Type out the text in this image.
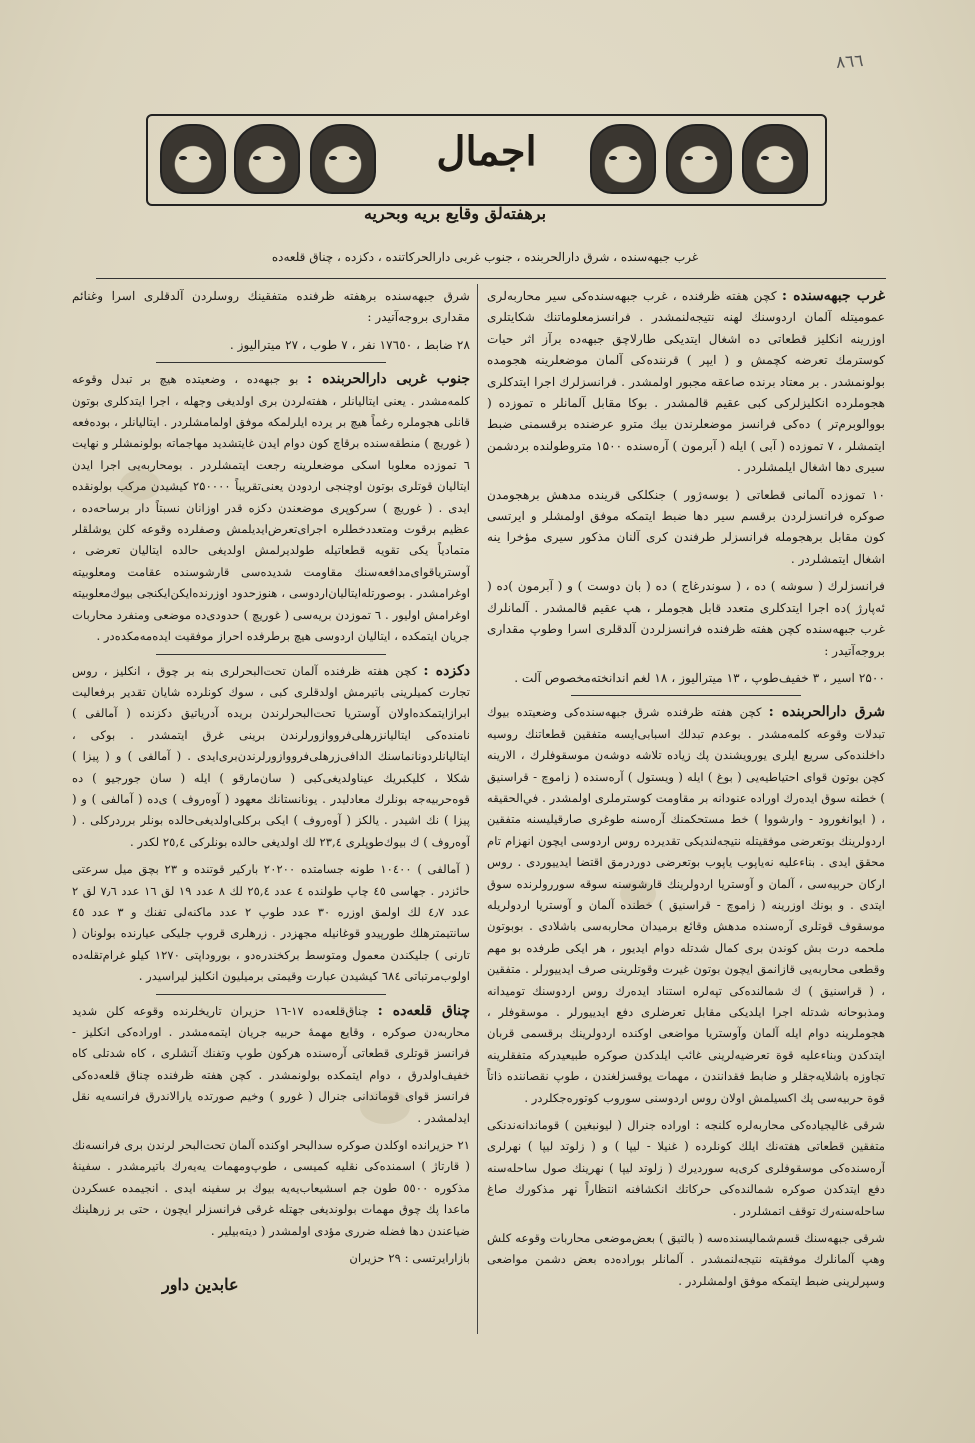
٨٦٦
اجمال
برهفته‌لق وقایع بریه وبحریه
غرب جبهه‌سنده ، شرق دارالحربنده ، جنوب غربی دارالحرکاتنده ، دکزده ، چناق قلعه‌ده

غرب جبهه‌سنده : کچن هفته ظرفنده ، غرب جبهه‌سنده‌کی سیر محاربه‌لری عمومیتله آلمان اردوسنك لهنه نتیجه‌لنمشدر . فرانسزمعلوماتنك شکایتلری اوزرینه انکلیز قطعاتی ده اشغال ایتدیکی طارلاچق جبهه‌ده برآز اثر حیات کوسترمك تعرضه کچمش و ( ایپر ) قرننده‌کی آلمان موضعلرینه هجومده بولونمشدر . بر معتاد برنده صاعقه مجبور اولمشدر . فرانسزلرك اجرا ایتدکلری هجوملرده انکلیزلرکی کبی عقیم قالمشدر . بوکا مقابل آلمانلر ه تموزده ( بووالوبرم‌تر ) ده‌کی فرانسز موضعلرندن بیك مترو عرضنده برقسمنی ضبط ایتمشلر ، ۷ تموزده ( آبی ) ایله ( آبرمون ) آره‌سنده ۱۵۰۰ متروطولنده بردشمن سیری دها اشغال ایلمشلردر .

۱۰ تموزده آلمانی قطعاتی ( بوسه‌ژور ) جنکلکی قرینده مدهش برهجومدن صوکره فرانسزلردن برقسم سیر دها ضبط ایتمکه موفق اولمشلر و ایرتسی کون مقابل برهجومله فرانسزلر طرفندن کری آلنان مذکور سیری مؤخرا ینه اشغال ایتمشلردر .

فرانسزلرك ( سوشه ) ده ، ( سوندرغاج ) ده ( بان دوست ) و ( آبرمون )ده ( ئه‌پارژ )ده اجرا ایتدکلری متعدد قابل هجوملر ، هپ عقیم قالمشدر . آلمانلرك غرب جبهه‌سنده کچن هفته ظرفنده فرانسزلردن آلدقلری اسرا وطوپ مقداری بروجه‌آتیدر :

۲۵۰۰ اسیر ، ۳ خفیف‌طوپ ، ۱۳ میترالیوز ، ۱۸ لغم اندانخته‌مخصوص آلت .

شرق دارالحربنده : کچن هفته ظرفنده شرق جبهه‌سنده‌کی وضعیتده بیوك تبدلات وقوعه کلمه‌مشدر . بوعدم تبدلك اسبابی‌ایسه متفقین قطعاتنك روسیه داخلنده‌کی سریع ایلری یورویشندن پك زیاده تلاشه دوشه‌ن موسقوفلرك ، الارینه کچن بوتون قوای احتیاطیه‌یی ( بوغ ) ایله ( ویستول ) آره‌سنده ( زاموچ - قراسنیق ) خطنه سوق ایده‌رك اوراده عنودانه بر مقاومت کوسترملری اولمشدر . في‌الحقیقه ، ( ایوانغورود - وارشووا ) خط مستحکمنك آره‌سنه طوغری صارقیلیسنه متفقین اردولرینك بوتعرضی موفقیتله نتیجه‌لندیکی تقدیرده روس اردوسی ایچون انهزام تام محقق ایدی . بناءعلیه نه‌یاپوب یاپوب بوتعرضی دوردرمق اقتضا ایدییوردی . روس ارکان حربیه‌سی ، آلمان و آوستریا اردولرینك قارشوسنه سوقه سوررولرنده سوق ایتدی . و بونك اوزرینه ( زاموچ - قراسنیق ) خطنده آلمان و آوستریا اردولریله موسقوف قوتلری آره‌سنده مدهش وقائع برمیدان محاربه‌سی باشلادی . بوبوتون ملحمه درت بش کوندن بری کمال شدتله دوام ایدیور ، هر ایکی طرفده بو مهم وقطعی محاربه‌یی قازانمق ایچون بوتون غیرت وقوتلرینی صرف ایدییورلر . متفقین ، ( قراسنیق ) ك شمالنده‌کی تپه‌لره استناد ایده‌رك روس اردوسنك تومیدانه ومذبوحانه شدتله اجرا ایلدیکی مقابل تعرضلری دفع ایدییورلر . موسقوفلر ، هجوملرینه دوام ایله آلمان وآوستریا مواضعی اوکنده اردولرینك برقسمی قربان ایتدکدن وبناءعلیه قوة تعرضیه‌لرینی غائب ایلدکدن صوکره طبیعیدرکه متفقلرینه تجاوزه باشلایه‌جقلر و ضابط فقدانندن ، مهمات یوقسزلغندن ، طوپ نقصاننده ذاتاً قوة حربیه‌سی پك اکسیلمش اولان روس اردوسنی سوروب کوتوره‌جکلردر .

شرقی غالیجیاده‌کی محاربه‌لره کلنجه : اوراده جنرال ( لیونبغین ) قوماندانه‌ندنکی متفقین قطعاتی هفته‌نك ایلك کونلرده ( غنیلا - لیپا ) و ( زلوتد لیپا ) نهرلری آره‌سنده‌کی موسقوفلری کری‌یه سوردیرك ( زلوتد لیپا ) نهرینك صول ساحله‌سنه دفع ایتدکدن صوکره شمالنده‌کی حرکاتك انکشافنه انتظاراً نهر مذکورك صاغ ساحله‌سنه‌رك توقف اتمشلردر .

شرقی جبهه‌سنك قسم‌شمالیسنده‌سه ( بالتیق ) بعض‌موضعی محاربات وقوعه کلش وهپ آلمانلرك موفقیته نتیجه‌لنمشدر . آلمانلر بوراده‌ده بعض دشمن مواضعی وسپرلرینی ضبط ایتمکه موفق اولمشلردر .

شرق جبهه‌سنده برهفته ظرفنده متفقینك روسلردن آلدقلری اسرا وغنائم مقداری بروجه‌آتیدر :

۲۸ ضابط ، ۱۷٦٥۰ نفر ، ۷ طوب ، ۲۷ میترالیوز .

جنوب غربی دارالحربنده : بو جبهه‌ده ، وضعیتده هیچ بر تبدل وقوعه کلمه‌مشدر . یعنی ایتالیانلر ، هفته‌لردن بری اولدیغی وجهله ، اجرا ایتدکلری بوتون قانلی هجوملره رغماً هیچ بر یرده ایلرلمکه موفق اولمامشلردر . ایتالیانلر ، بوده‌فعه ( غوریچ ) منطقه‌سنده برقاچ کون دوام ایدن غایتشدید مهاجماته بولونمشلر و نهایت ٦ تموزده‌ معلوبا اسکی موضعلرینه رجعت ایتمشلردر . بومحاربه‌یی اجرا ایدن ایتالیان قوتلری بوتون اوچنجی اردودن یعنی‌تقریباً ۲۵۰۰۰۰ کیشیدن مرکب بولونقده ایدی . ( غوریچ ) سرکوپری موضعندن دکزه قدر اوزانان نسبتاً دار برساحه‌ده ، عظیم برقوت ومتعددخطلره اجرای‌تعرض‌ایدیلمش و‌صفلرده وقوعه کلن یوشلقلر متمادیاً یکی تقویه قطعاتیله طولدیرلمش اولدیغی حالده ایتالیان تعرضی ، آوستریاقوای‌مدافعه‌سنك مقاومت شدیده‌سی قارشوسنده عقامت ومعلوبیته اوغرامشدر . بوصورتله‌ایتالیان‌اردوسی ، هنوزحدود اوزرنده‌ایکن‌ایکنجی بیوك‌معلوبیته اوغرامش اولیور . ٦ تموزدن بریه‌سی ( غوریچ ) حدودی‌ده موضعی ومنفرد محاربات جریان ایتمکده ، ایتالیان اردوسی هیچ برطرفده احراز موفقیت ایده‌مه‌مکده‌در .

دکزده : کچن هفته ظرفنده آلمان تحت‌البحرلری بنه بر چوق ، انکلیز ، روس تجارت کمیلرینی باتیرمش اولدقلری کبی ، سوك کونلرده شایان تقدیر برفعالیت ابرازایتمکده‌اولان آوستریا تحت‌البحرلرندن بریده آدریاتیق دکزنده ( آمالفی ) نامنده‌کی ایتالیانزرهلی‌فرووازورلرندن برینی غرق ایتمشدر . بوکی ، ایتالیانلردونانماسنك الدافی‌زرهلی‌فرووازورلرندن‌بری‌ایدی . ( آمالفی ) و ( پیزا ) شکلا ، کلیکبریك عیناولدیغی‌کبی ( سان‌مارقو ) ایله ( سان جورجیو ) ده قوه‌حربیه‌جه بونلرك معادلیدر . یونانستانك معهود ( آوه‌روف ) ی‌ده ( آمالفی ) و ( پیزا ) نك اشیدر . یالکز ( آوه‌روف ) ایکی برکلی‌اولدیغی‌حالده بونلر برردرکلی . ( آوه‌روف ) ك بیوك‌طوپلری ۲۳,٤ لك اولدیغی حالده بونلرکی ۲٥,٤ لکدر .

( آمالفی ) ۱۰٤۰۰ طونه جسامتده ۲۰۲۰۰ بارکیر قوتنده و ۲۳ بچق میل سرعتی حائزدر . جهاسی ٤٥ چاپ طولنده ٤ عدد ۲٥,٤ لك ۸ عدد ۱۹ لق ۱٦ عدد ۷٫٦ لق ۲ عدد ٤٫۷ لك اولمق اوزره ۳۰ عدد طوپ ۲ عدد ماکنه‌لی تفنك و ۳ عدد ٤٥ سانتیمترهلك طورپیدو قوغانیله مجهزدر . زرهلری قروپ جلیکی عیارنده بولونان ( تارنی ) جلیکندن معمول ومتوسط برکخندره‌دو ، بوروداپتی ۱۲۷۰ کیلو غرام‌تقله‌ده اولوب‌مرتباتی ٦۸٤ کیشیدن عبارت وقیمتی برمیلیون انکلیز لیراسیدر .

چناق قلعه‌ده : چناق‌قلعه‌ده ۱۷-۱٦ حزیران تاریخلرنده وقوعه کلن شدید محاربه‌دن صوکره ، وقایع مهمهٔ حربیه جریان ایتمه‌مشدر . اوراده‌کی انکلیز - فرانسز قوتلری قطعاتی آره‌سنده هرکون طوپ وتفنك آتشلری ، کاه شدتلی کاه خفیف‌اولدرق ، دوام ایتمکده بولونمشدر . کچن هفته ظرفنده چناق قلعه‌ده‌کی فرانسز قوای قوماندانی جنرال ( غورو ) وخیم صورتده یارالاندرق فرانسه‌یه نقل ایدلمشدر .

۲۱ حزیرانده اوکلدن صوکره سدالبحر اوکنده آلمان تحت‌البحر لرندن بری فرانسه‌نك ( قارتاژ ) اسمنده‌کی نقلیه کمیسی ، طوپ‌ومهمات یه‌یه‌رك باتیرمشدر . سفینهٔ مذکوره ٥٥۰۰ طون جم اسشیعاب‌یه‌یه بیوك بر سفینه ایدی . انجیمده عسکردن ماعدا پك چوق مهمات بولوندیغی جهتله غرقی فرانسزلر ایچون ، حتی بر زرهلینك ضیاعندن دها فضله ضرری مؤدی اولمشدر ( دیته‌بیلیر .

بازارایرتسی : ۲۹ حزیران

عابدین داور
